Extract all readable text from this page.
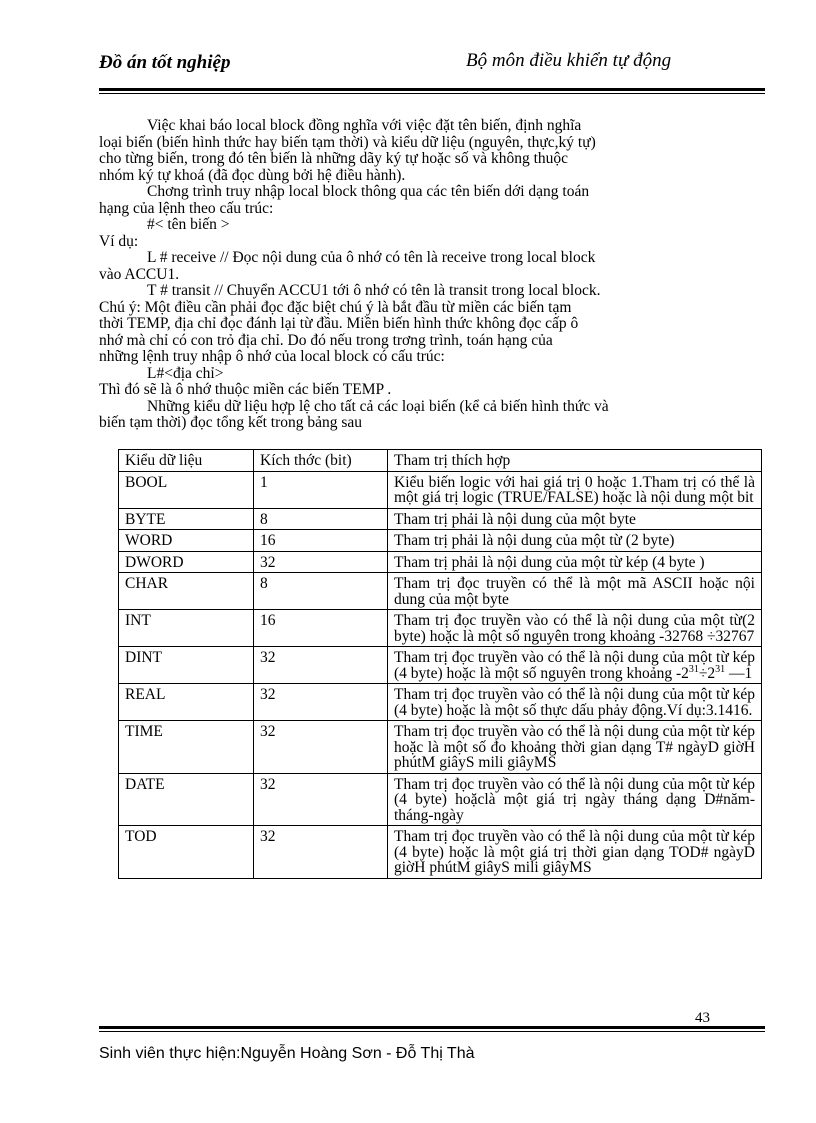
Đồ án tốt nghiệp	Bộ môn điều khiển tự động
Việc khai báo local block đồng nghĩa với việc đặt tên biến, định nghĩa
loại biến (biến hình thức hay biến tạm thời) và kiểu dữ liệu (nguyên, thực,ký tự)
cho từng biến, trong đó tên biến là những dãy ký tự hoặc số và không thuộc
nhóm ký tự khoá (đã đọc dùng bởi hệ điều hành).
Chơng trình truy nhập local block thông qua các tên biến dới dạng toán
hạng của lệnh theo cấu trúc:
#< tên biến >
Ví dụ:
L # receive // Đọc nội dung của ô nhớ có tên là receive trong local block
vào ACCU1.
T # transit // Chuyển ACCU1 tới ô nhớ có tên là transit trong local block.
Chú ý: Một điều cần phải đọc đặc biệt chú ý là bắt đầu từ miền các biến tạm
thời TEMP, địa chỉ đọc đánh lại từ đầu. Miền biến hình thức không đọc cấp ô
nhớ mà chỉ có con trỏ địa chỉ. Do đó nếu trong trơng trình, toán hạng của
những lệnh truy nhập ô nhớ của local block có cấu trúc:
L#<địa chỉ>
Thì đó sẽ là ô nhớ thuộc miền các biến TEMP .
Những kiểu dữ liệu hợp lệ cho tất cả các loại biến (kể cả biến hình thức và
biến tạm thời) đọc tổng kết trong bảng sau
Kiểu dữ liệu	Kích thớc (bit)	Tham trị thích hợp
BOOL	1	Kiểu biến logic với hai giá trị 0 hoặc 1.Tham trị có thể là một giá trị logic (TRUE/FALSE) hoặc là nội dung một bit
BYTE	8	Tham trị phải là nội dung của một byte
WORD	16	Tham trị phải là nội dung của một từ (2 byte)
DWORD	32	Tham trị phải là nội dung của một từ kép (4 byte )
CHAR	8	Tham trị đọc truyền có thể là một mã ASCII hoặc nội dung của một byte
INT	16	Tham trị đọc truyền vào có thể là nội dung của một từ(2 byte) hoặc là một số nguyên trong khoảng -32768 ÷32767
DINT	32	Tham trị đọc truyền vào có thể là nội dung của một từ kép (4 byte) hoặc là một số nguyên trong khoảng $-2^{31}\div 2^{31}$ —1
REAL	32	Tham trị đọc truyền vào có thể là nội dung của một từ kép (4 byte) hoặc là một số thực dấu phảy động.Ví dụ:3.1416.
TIME	32	Tham trị đọc truyền vào có thể là nội dung của một từ kép hoặc là một số đo khoảng thời gian dạng T# ngàyD giờH phútM giâyS mili giâyMS
DATE	32	Tham trị đọc truyền vào có thể là nội dung của một từ kép (4 byte) hoặclà một giá trị ngày tháng dạng D#năm-tháng-ngày
TOD	32	Tham trị đọc truyền vào có thể là nội dung của một từ kép (4 byte) hoặc là một giá trị thời gian dạng TOD# ngàyD giờH phútM giâyS mili giâyMS
43
Sinh viên thực hiện:Nguyễn Hoàng Sơn - Đỗ Thị Thà
